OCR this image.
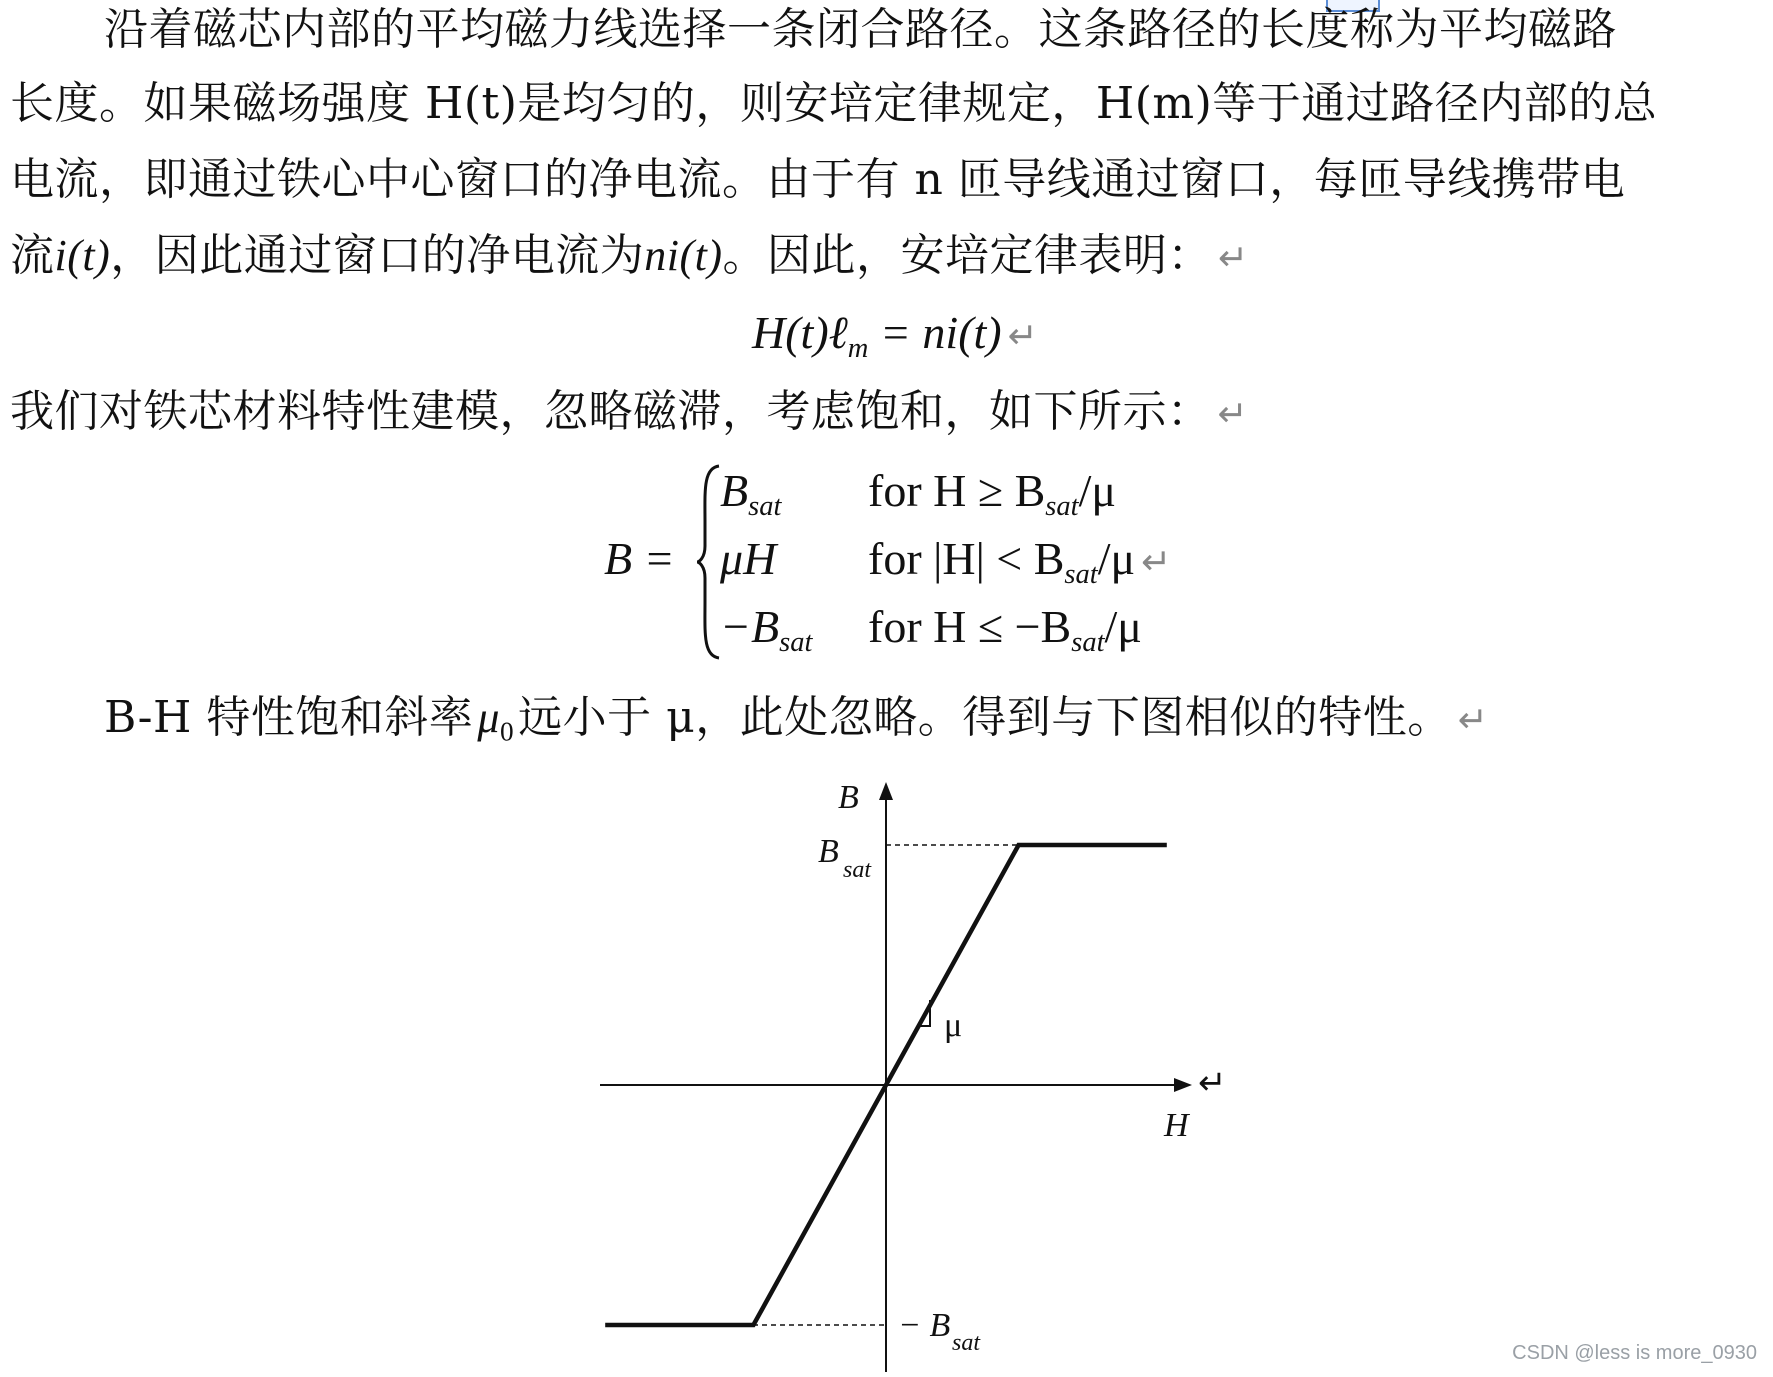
沿着磁芯内部的平均磁力线选择一条闭合路径。这条路径的长度称为平均磁路
长度。如果磁场强度 H(t)是均匀的，则安培定律规定，H(m)等于通过路径内部的总
电流，即通过铁心中心窗口的净电流。由于有 n 匝导线通过窗口，每匝导线携带电
流i(t)，因此通过窗口的净电流为ni(t)。因此，安培定律表明： ↵
H(t)ℓ$_m$ = ni(t) ↵
我们对铁芯材料特性建模，忽略磁滞，考虑饱和，如下所示： ↵
B =
$B_{sat}$ for $H \ge B_{sat}/\mu$
μH for $|H| < B_{sat}/\mu$ ↵
$-B_{sat}$ for $H \le -B_{sat}/\mu$
B-H 特性饱和斜率$\mu_0$远小于 μ，此处忽略。得到与下图相似的特性。 ↵
B
H
B sat
− B sat
μ
↵
CSDN @less is more_0930
